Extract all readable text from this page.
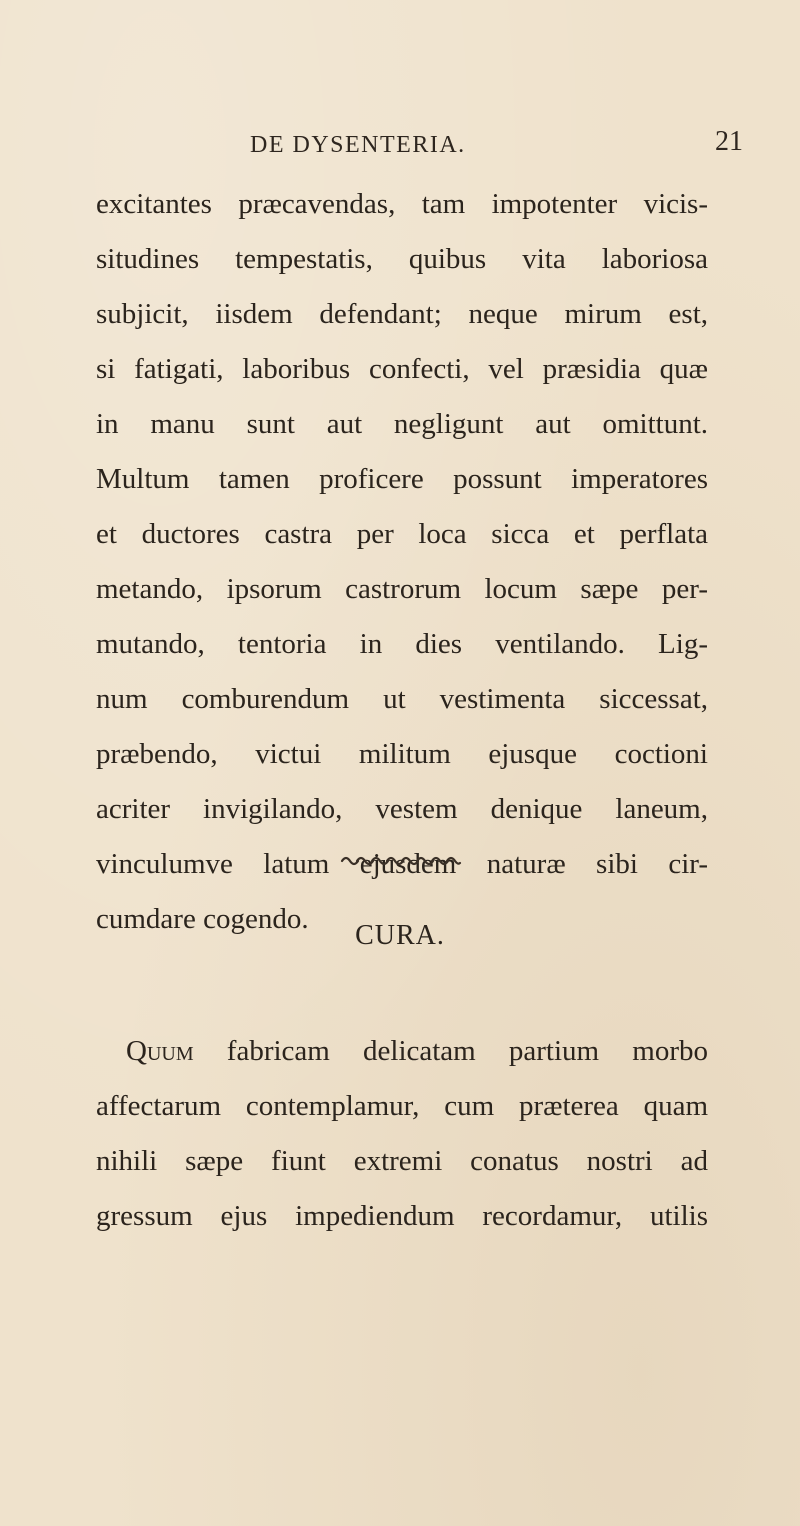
DE DYSENTERIA.	21
excitantes præcavendas, tam impotenter vicis-
situdines tempestatis, quibus vita laboriosa
subjicit, iisdem defendant; neque mirum est,
si fatigati, laboribus confecti, vel præsidia quæ
in manu sunt aut negligunt aut omittunt.
Multum tamen proficere possunt imperatores
et ductores castra per loca sicca et perflata
metando, ipsorum castrorum locum sæpe per-
mutando, tentoria in dies ventilando. Lig-
num comburendum ut vestimenta siccessat,
præbendo, victui militum ejusque coctioni
acriter invigilando, vestem denique laneum,
vinculumve latum ejusdem naturæ sibi cir-
cumdare cogendo.
CURA.
Quum fabricam delicatam partium morbo
affectarum contemplamur, cum præterea quam
nihili sæpe fiunt extremi conatus nostri ad
gressum ejus impediendum recordamur, utilis
